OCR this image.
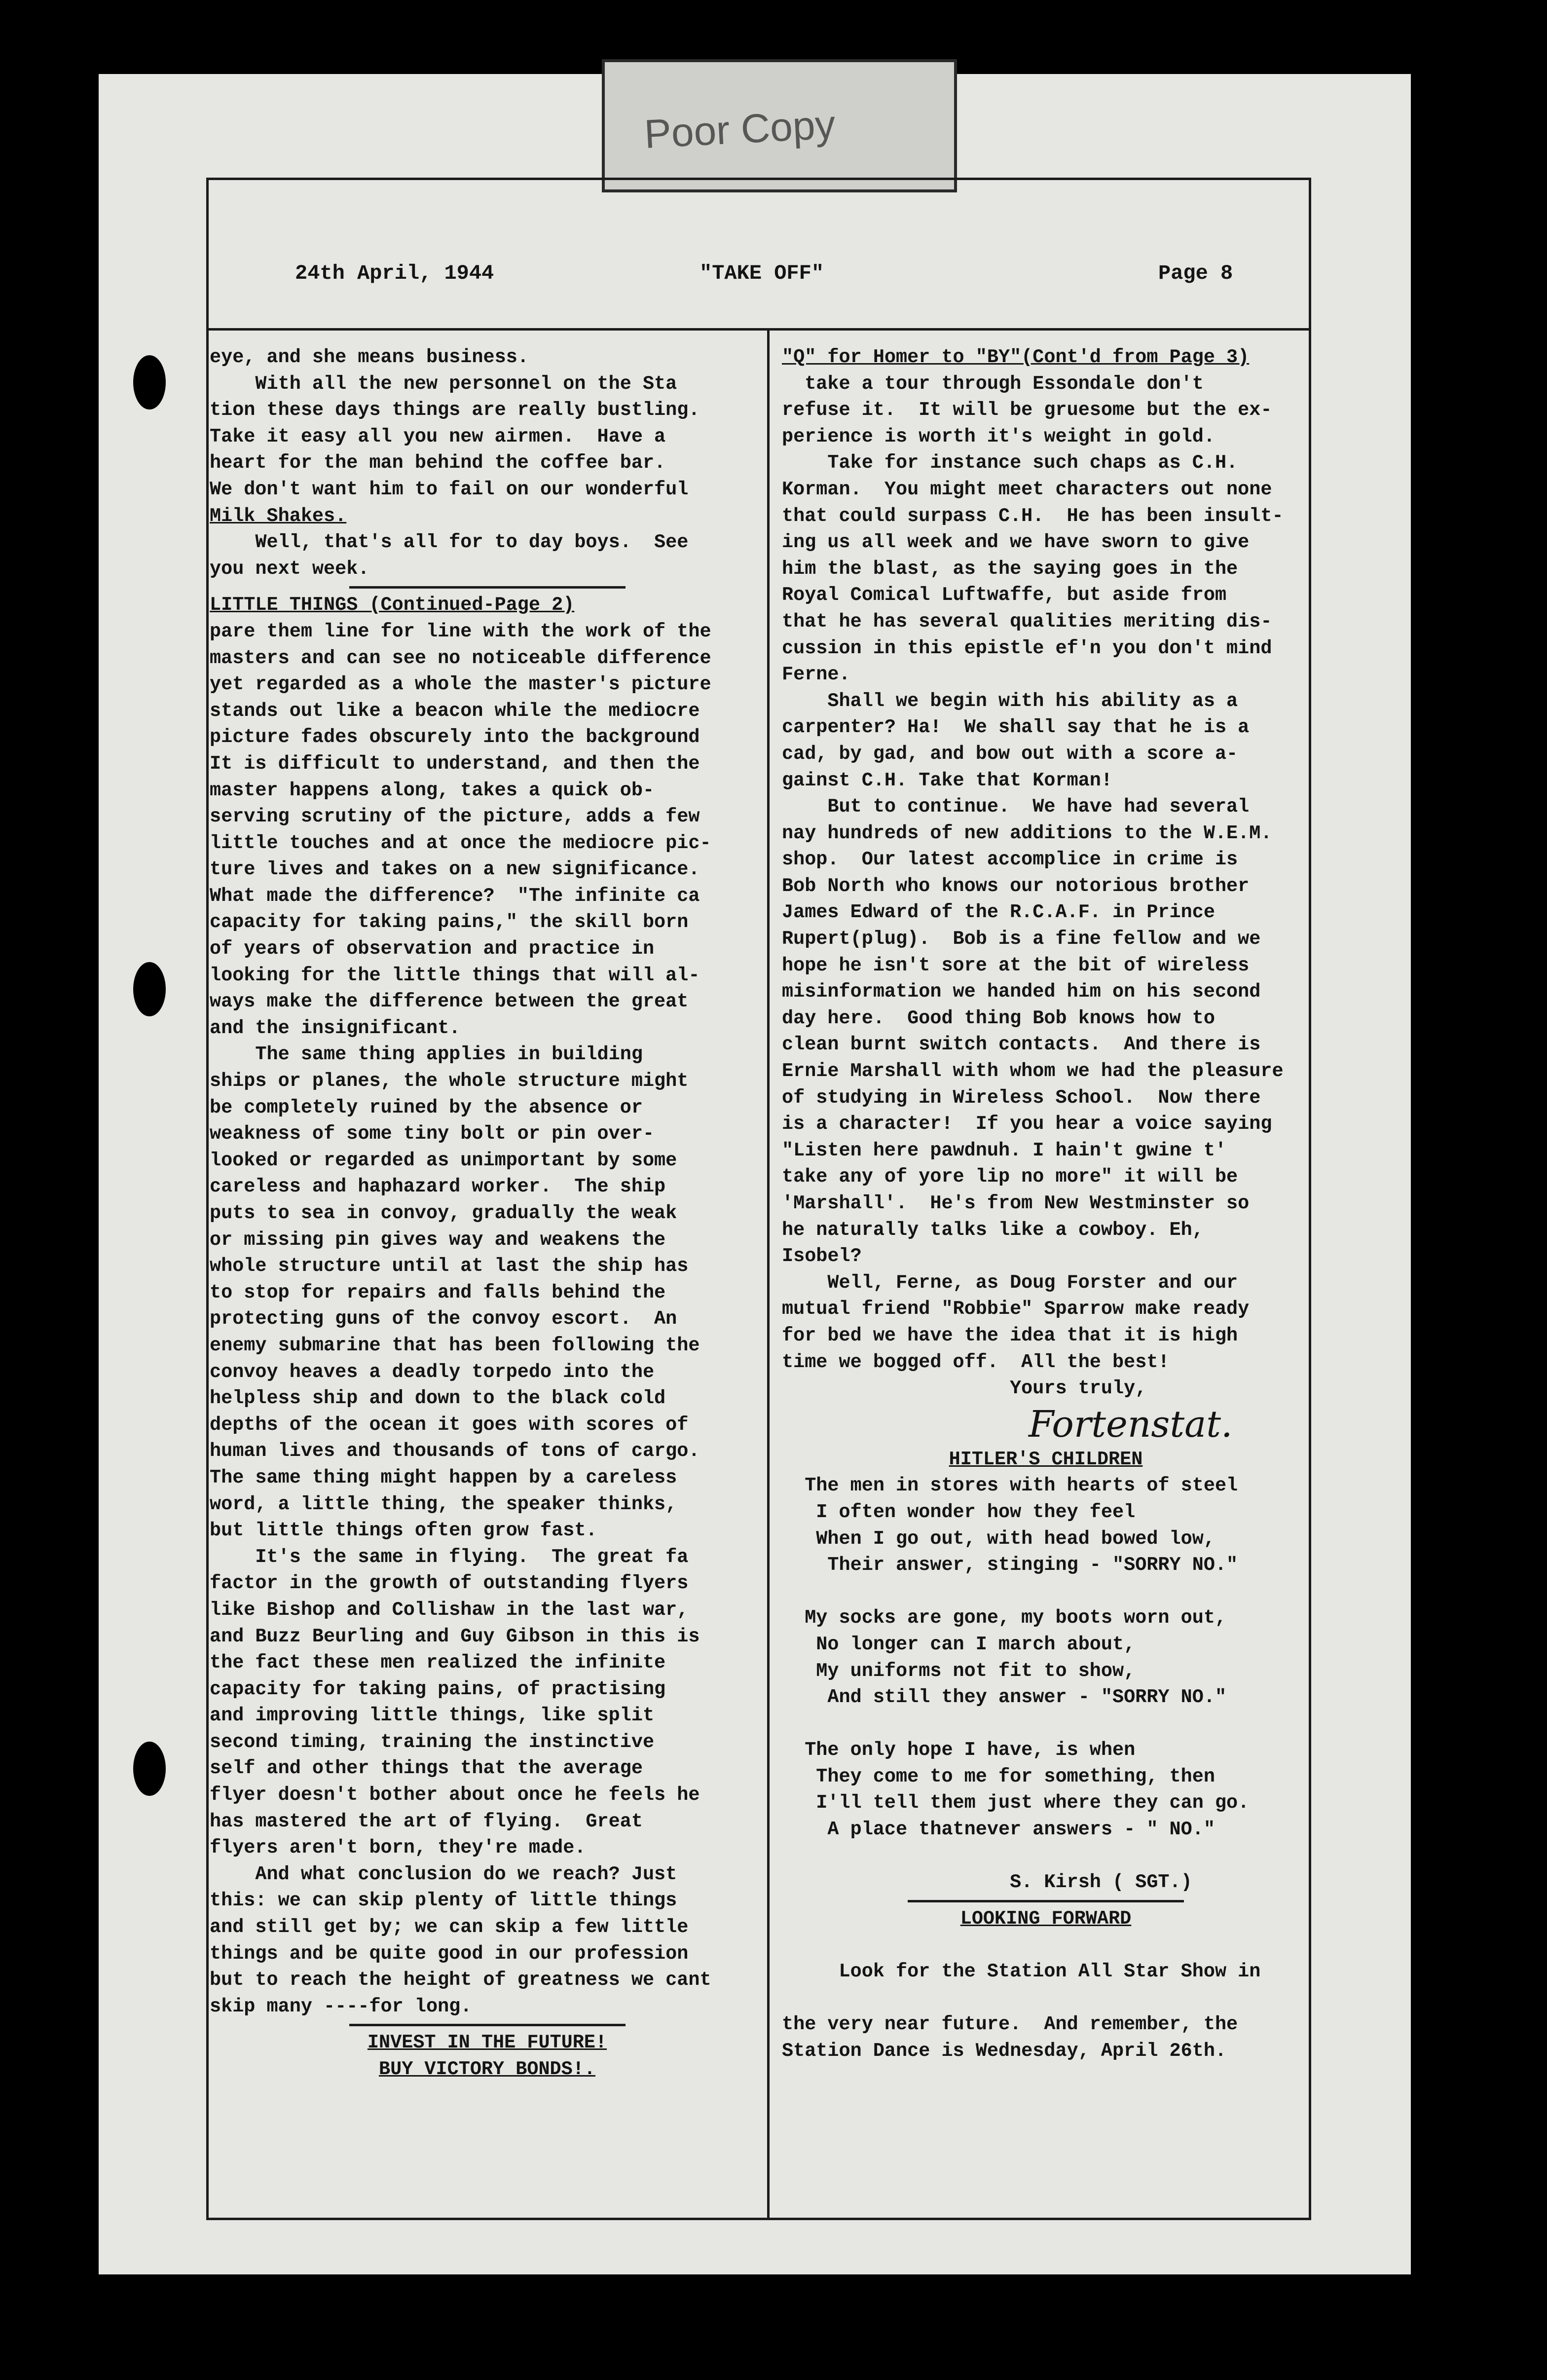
Poor Copy
24th April, 1944	"TAKE OFF"	Page 8

eye, and she means business.

With all the new personnel on the Sta

tion these days things are really bustling.

Take it easy all you new airmen.  Have a

heart for the man behind the coffee bar.

We don't want him to fail on our wonderful

Milk Shakes.

Well, that's all for to day boys.  See

you next week.

LITTLE THINGS (Continued-Page 2)

pare them line for line with the work of the

masters and can see no noticeable difference

yet regarded as a whole the master's picture

stands out like a beacon while the mediocre

picture fades obscurely into the background

It is difficult to understand, and then the

master happens along, takes a quick ob-

serving scrutiny of the picture, adds a few

little touches and at once the mediocre pic-

ture lives and takes on a new significance.

What made the difference?  "The infinite ca

capacity for taking pains," the skill born

of years of observation and practice in

looking for the little things that will al-

ways make the difference between the great

and the insignificant.

The same thing applies in building

ships or planes, the whole structure might

be completely ruined by the absence or

weakness of some tiny bolt or pin over-

looked or regarded as unimportant by some

careless and haphazard worker.  The ship

puts to sea in convoy, gradually the weak

or missing pin gives way and weakens the

whole structure until at last the ship has

to stop for repairs and falls behind the

protecting guns of the convoy escort.  An

enemy submarine that has been following the

convoy heaves a deadly torpedo into the

helpless ship and down to the black cold

depths of the ocean it goes with scores of

human lives and thousands of tons of cargo.

The same thing might happen by a careless

word, a little thing, the speaker thinks,

but little things often grow fast.

It's the same in flying.  The great fa

factor in the growth of outstanding flyers

like Bishop and Collishaw in the last war,

and Buzz Beurling and Guy Gibson in this is

the fact these men realized the infinite

capacity for taking pains, of practising

and improving little things, like split

second timing, training the instinctive

self and other things that the average

flyer doesn't bother about once he feels he

has mastered the art of flying.  Great

flyers aren't born, they're made.

And what conclusion do we reach? Just

this: we can skip plenty of little things

and still get by; we can skip a few little

things and be quite good in our profession

but to reach the height of greatness we cant

skip many ----for long.

INVEST IN THE FUTURE!

BUY VICTORY BONDS!.

"Q" for Homer to "BY"(Cont'd from Page 3)

take a tour through Essondale don't

refuse it.  It will be gruesome but the ex-

perience is worth it's weight in gold.

Take for instance such chaps as C.H.

Korman.  You might meet characters out none

that could surpass C.H.  He has been insult-

ing us all week and we have sworn to give

him the blast, as the saying goes in the

Royal Comical Luftwaffe, but aside from

that he has several qualities meriting dis-

cussion in this epistle ef'n you don't mind

Ferne.

Shall we begin with his ability as a

carpenter? Ha!  We shall say that he is a

cad, by gad, and bow out with a score a-

gainst C.H. Take that Korman!

But to continue.  We have had several

nay hundreds of new additions to the W.E.M.

shop.  Our latest accomplice in crime is

Bob North who knows our notorious brother

James Edward of the R.C.A.F. in Prince

Rupert(plug).  Bob is a fine fellow and we

hope he isn't sore at the bit of wireless

misinformation we handed him on his second

day here.  Good thing Bob knows how to

clean burnt switch contacts.  And there is

Ernie Marshall with whom we had the pleasure

of studying in Wireless School.  Now there

is a character!  If you hear a voice saying

"Listen here pawdnuh. I hain't gwine t'

take any of yore lip no more" it will be

'Marshall'.  He's from New Westminster so

he naturally talks like a cowboy. Eh,

Isobel?

Well, Ferne, as Doug Forster and our

mutual friend "Robbie" Sparrow make ready

for bed we have the idea that it is high

time we bogged off.  All the best!

Yours truly,

Fortenstat.

HITLER'S CHILDREN

The men in stores with hearts of steel

I often wonder how they feel

When I go out, with head bowed low,

Their answer, stinging - "SORRY NO."

My socks are gone, my boots worn out,

No longer can I march about,

My uniforms not fit to show,

And still they answer - "SORRY NO."

The only hope I have, is when

They come to me for something, then

I'll tell them just where they can go.

A place thatnever answers - " NO."

S. Kirsh ( SGT.)

LOOKING FORWARD

Look for the Station All Star Show in

the very near future.  And remember, the

Station Dance is Wednesday, April 26th.
